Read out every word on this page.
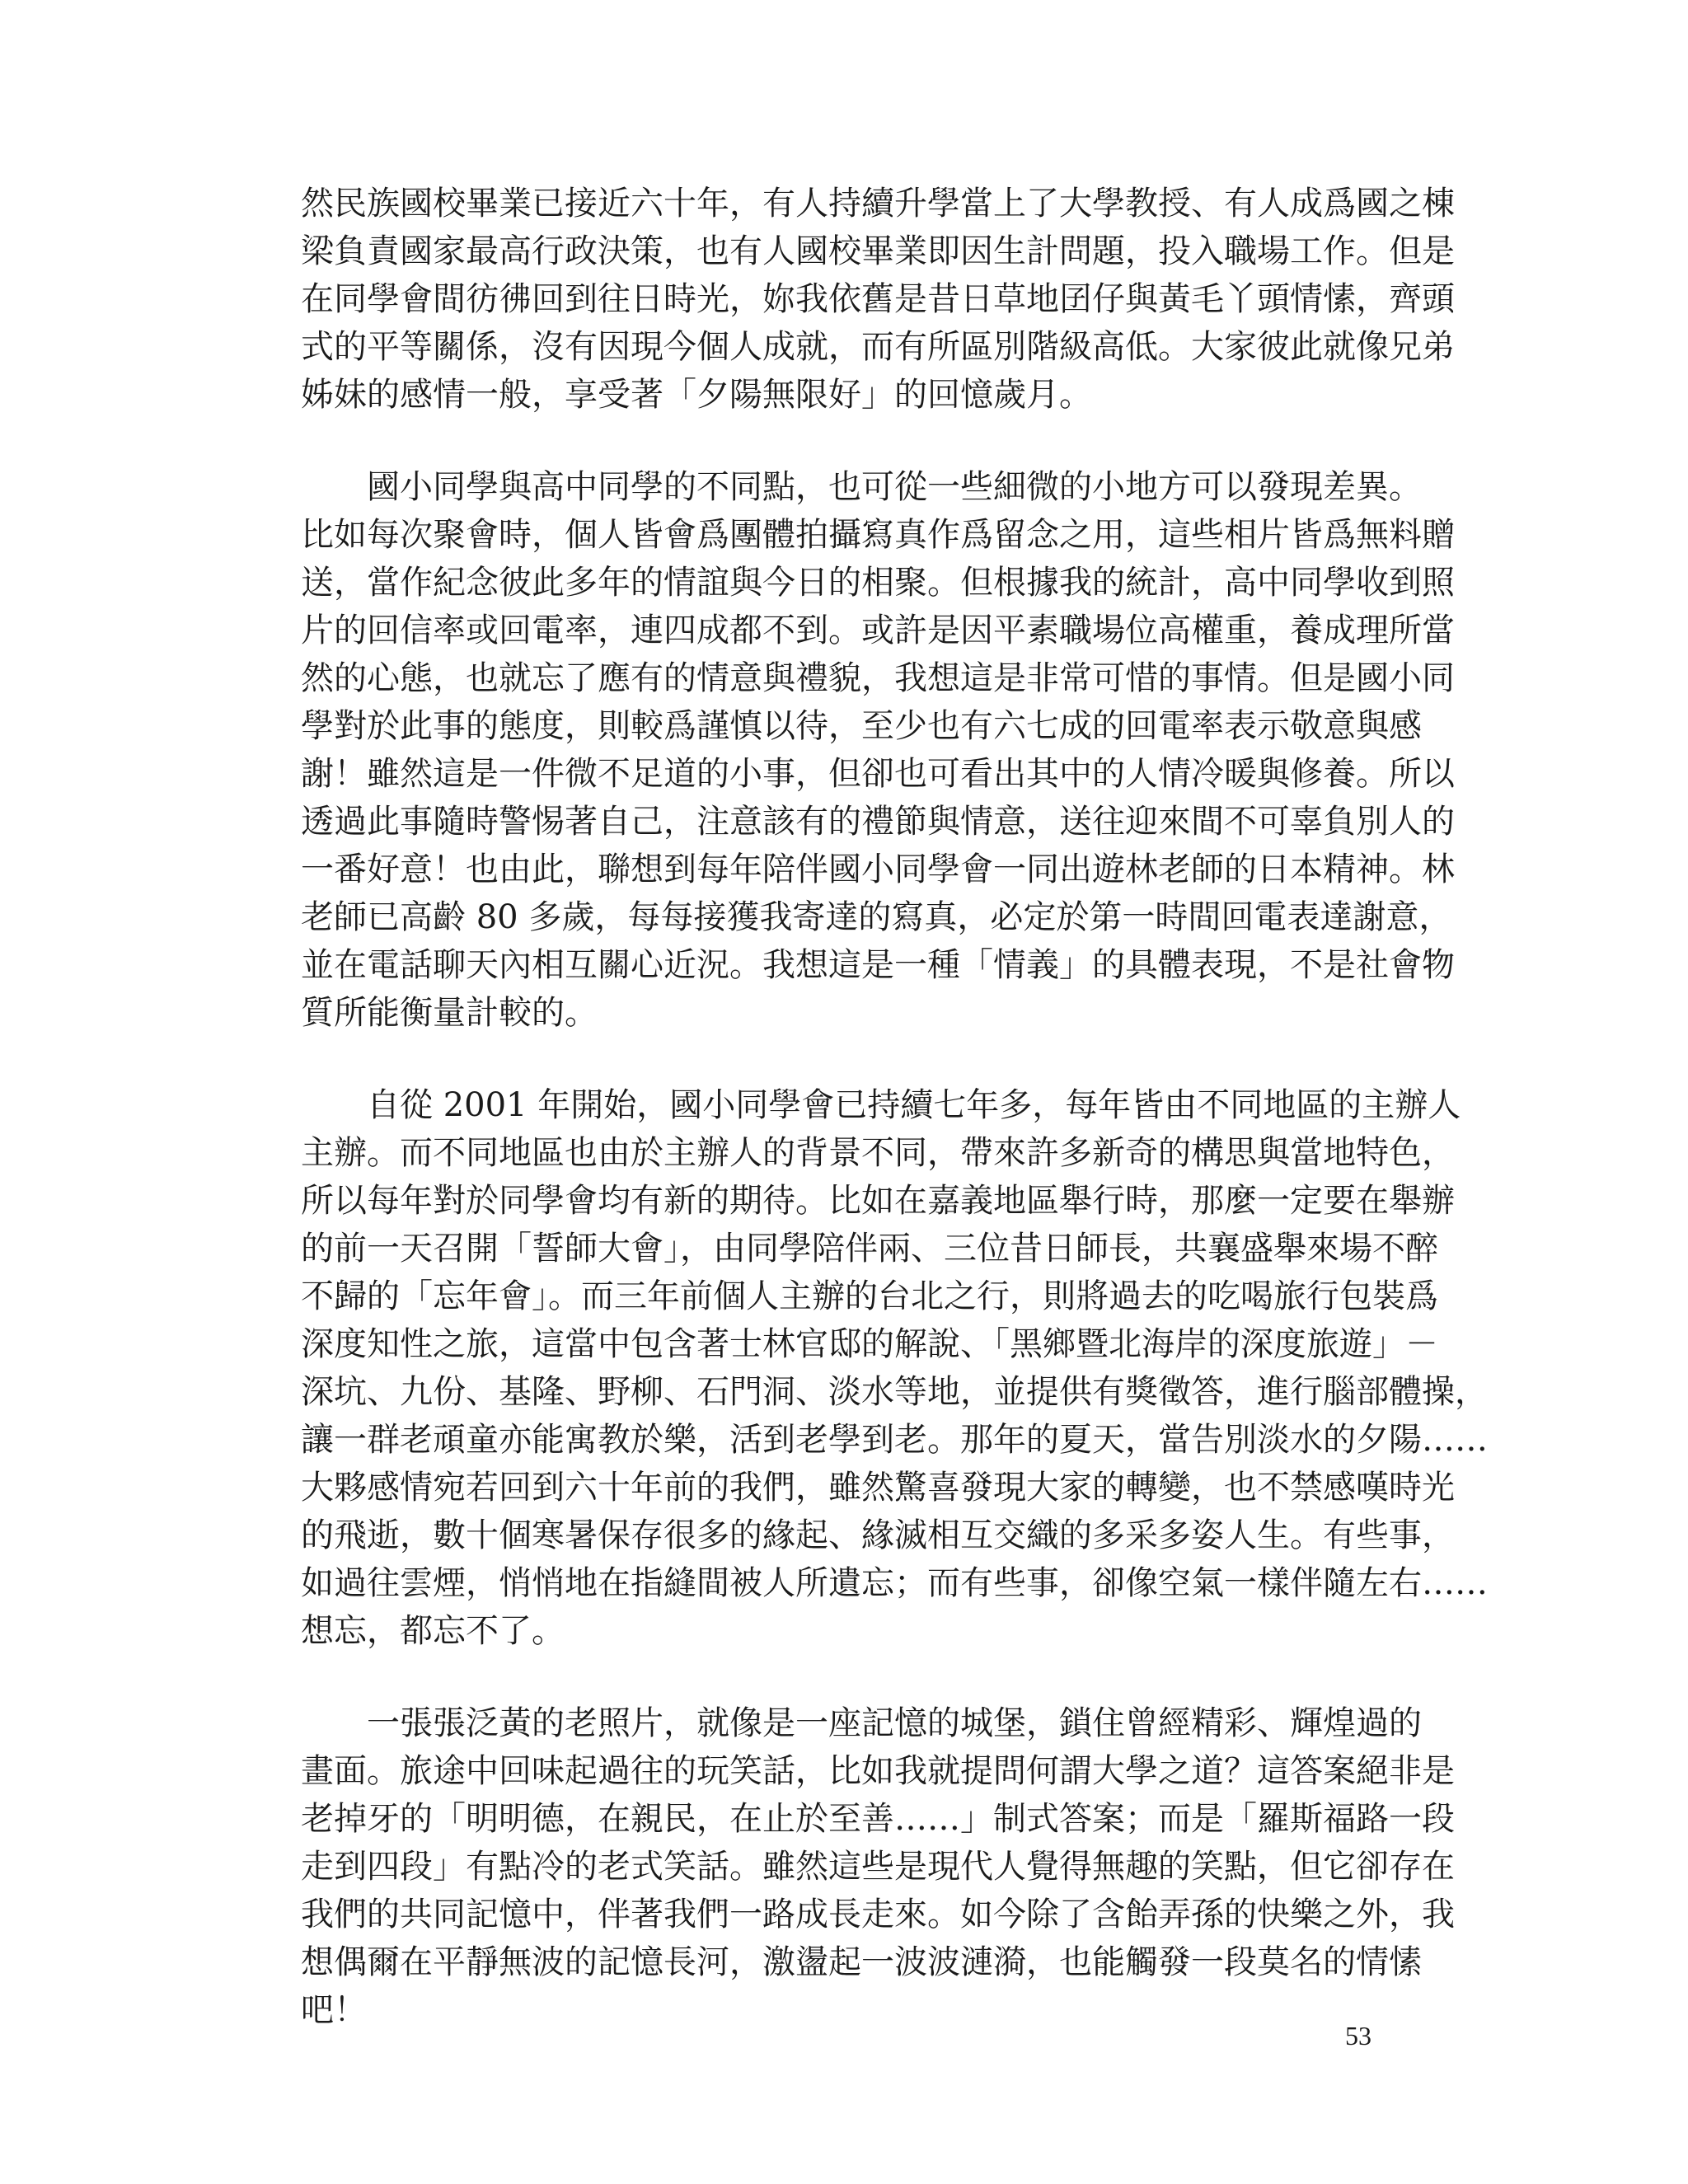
然民族國校畢業已接近六十年，有人持續升學當上了大學教授、有人成爲國之棟
梁負責國家最高行政決策，也有人國校畢業即因生計問題，投入職場工作。但是
在同學會間彷彿回到往日時光，妳我依舊是昔日草地囝仔與黃毛丫頭情愫，齊頭
式的平等關係，沒有因現今個人成就，而有所區別階級高低。大家彼此就像兄弟
姊妹的感情一般，享受著「夕陽無限好」的回憶歲月。
　　國小同學與高中同學的不同點，也可從一些細微的小地方可以發現差異。
比如每次聚會時，個人皆會爲團體拍攝寫真作爲留念之用，這些相片皆爲無料贈
送，當作紀念彼此多年的情誼與今日的相聚。但根據我的統計，高中同學收到照
片的回信率或回電率，連四成都不到。或許是因平素職場位高權重，養成理所當
然的心態，也就忘了應有的情意與禮貌，我想這是非常可惜的事情。但是國小同
學對於此事的態度，則較爲謹慎以待，至少也有六七成的回電率表示敬意與感
謝！雖然這是一件微不足道的小事，但卻也可看出其中的人情冷暖與修養。所以
透過此事隨時警惕著自己，注意該有的禮節與情意，送往迎來間不可辜負別人的
一番好意！也由此，聯想到每年陪伴國小同學會一同出遊林老師的日本精神。林
老師已高齡 80 多歲，每每接獲我寄達的寫真，必定於第一時間回電表達謝意，
並在電話聊天內相互關心近況。我想這是一種「情義」的具體表現，不是社會物
質所能衡量計較的。
　　自從 2001 年開始，國小同學會已持續七年多，每年皆由不同地區的主辦人
主辦。而不同地區也由於主辦人的背景不同，帶來許多新奇的構思與當地特色，
所以每年對於同學會均有新的期待。比如在嘉義地區舉行時，那麼一定要在舉辦
的前一天召開「誓師大會」，由同學陪伴兩、三位昔日師長，共襄盛舉來場不醉
不歸的「忘年會」。而三年前個人主辦的台北之行，則將過去的吃喝旅行包裝爲
深度知性之旅，這當中包含著士林官邸的解說、「黑鄉暨北海岸的深度旅遊」－
深坑、九份、基隆、野柳、石門洞、淡水等地，並提供有獎徵答，進行腦部體操，
讓一群老頑童亦能寓教於樂，活到老學到老。那年的夏天，當告別淡水的夕陽……
大夥感情宛若回到六十年前的我們，雖然驚喜發現大家的轉變，也不禁感嘆時光
的飛逝，數十個寒暑保存很多的緣起、緣滅相互交織的多采多姿人生。有些事，
如過往雲煙，悄悄地在指縫間被人所遺忘；而有些事，卻像空氣一樣伴隨左右……
想忘，都忘不了。
　　一張張泛黃的老照片，就像是一座記憶的城堡，鎖住曾經精彩、輝煌過的
畫面。旅途中回味起過往的玩笑話，比如我就提問何謂大學之道？這答案絕非是
老掉牙的「明明德，在親民，在止於至善……」制式答案；而是「羅斯福路一段
走到四段」有點冷的老式笑話。雖然這些是現代人覺得無趣的笑點，但它卻存在
我們的共同記憶中，伴著我們一路成長走來。如今除了含飴弄孫的快樂之外，我
想偶爾在平靜無波的記憶長河，激盪起一波波漣漪，也能觸發一段莫名的情愫
吧！
53
